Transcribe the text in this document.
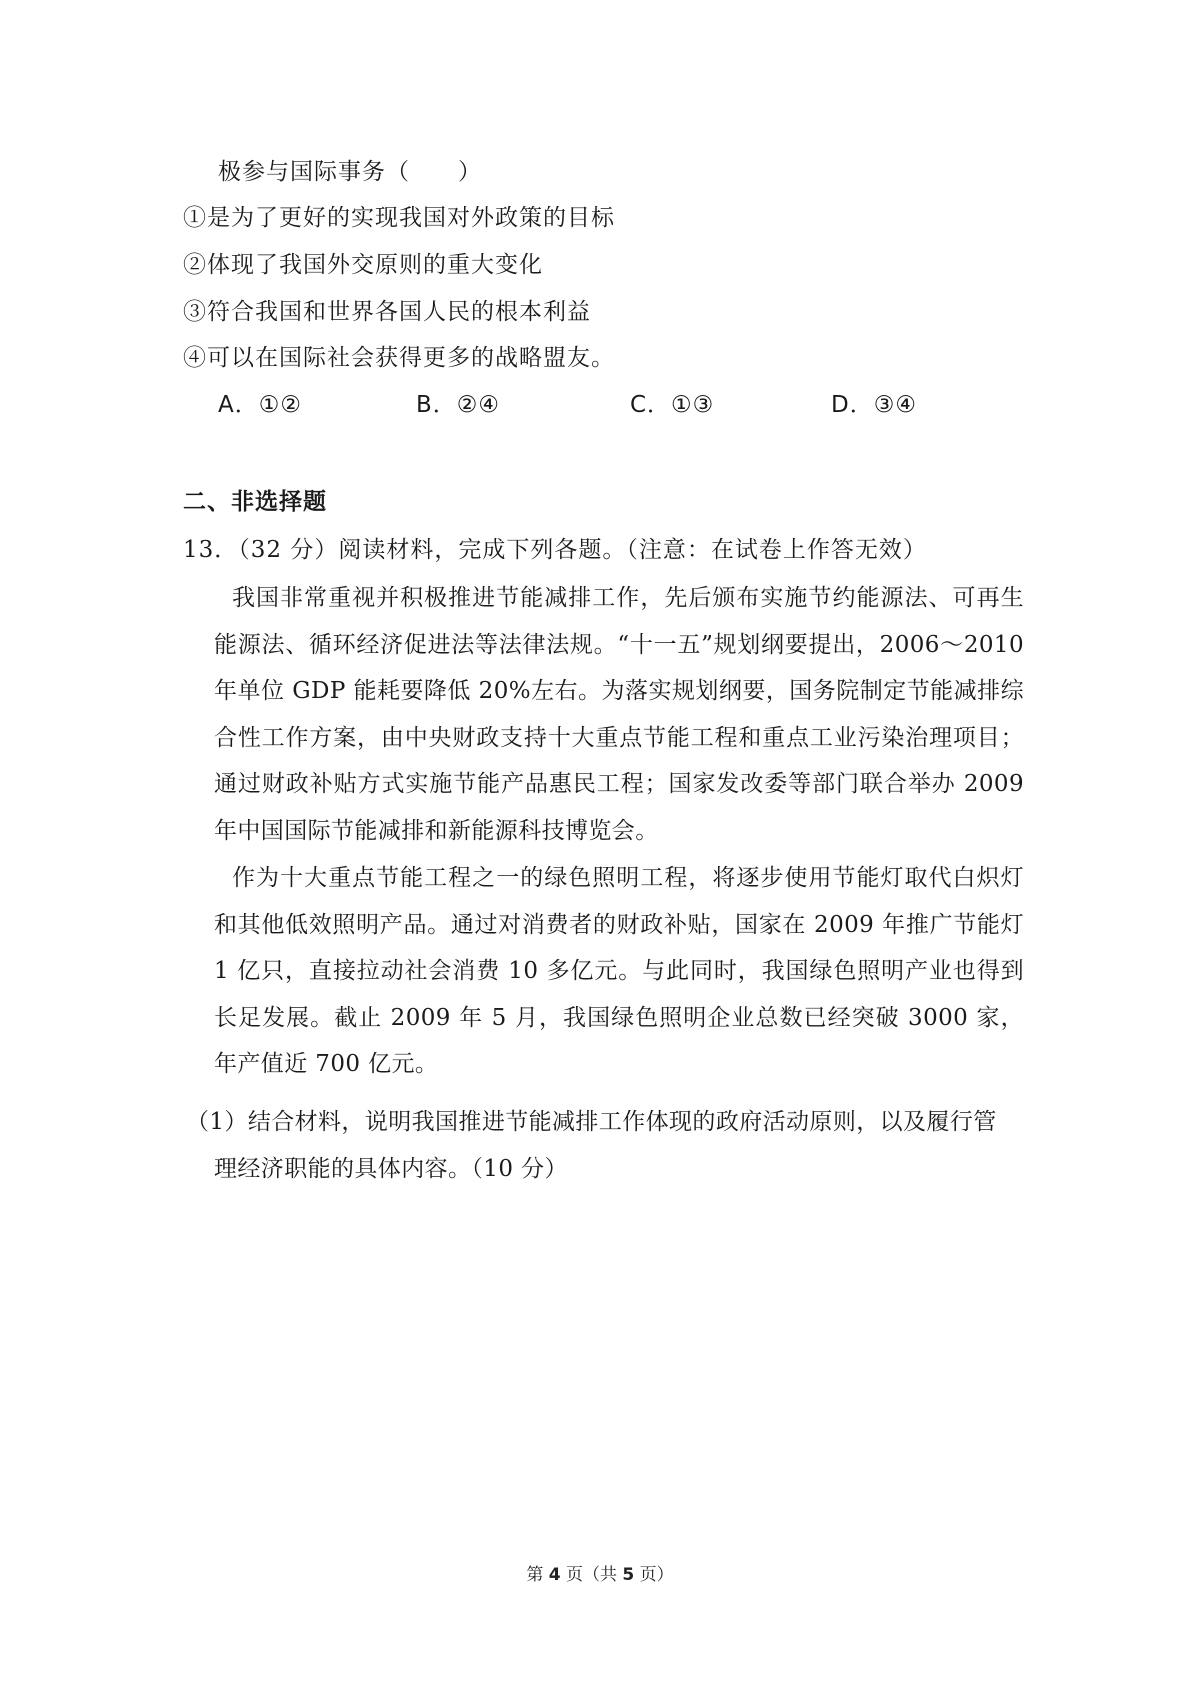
极参与国际事务（　　）
①是为了更好的实现我国对外政策的目标
②体现了我国外交原则的重大变化
③符合我国和世界各国人民的根本利益
④可以在国际社会获得更多的战略盟友。
A．①②	B．②④	C．①③	D．③④
二、非选择题
13．（32 分）阅读材料，完成下列各题。（注意：在试卷上作答无效）
我国非常重视并积极推进节能减排工作，先后颁布实施节约能源法、可再生能源法、循环经济促进法等法律法规。“十一五”规划纲要提出，2006～2010 年单位 GDP 能耗要降低 20%左右。为落实规划纲要，国务院制定节能减排综合性工作方案，由中央财政支持十大重点节能工程和重点工业污染治理项目；通过财政补贴方式实施节能产品惠民工程；国家发改委等部门联合举办 2009 年中国国际节能减排和新能源科技博览会。
作为十大重点节能工程之一的绿色照明工程，将逐步使用节能灯取代白炽灯和其他低效照明产品。通过对消费者的财政补贴，国家在 2009 年推广节能灯 1 亿只，直接拉动社会消费 10 多亿元。与此同时，我国绿色照明产业也得到长足发展。截止 2009 年 5 月，我国绿色照明企业总数已经突破 3000 家，年产值近 700 亿元。
（1）结合材料，说明我国推进节能减排工作体现的政府活动原则，以及履行管
理经济职能的具体内容。（10 分）
第 4 页（共 5 页）
